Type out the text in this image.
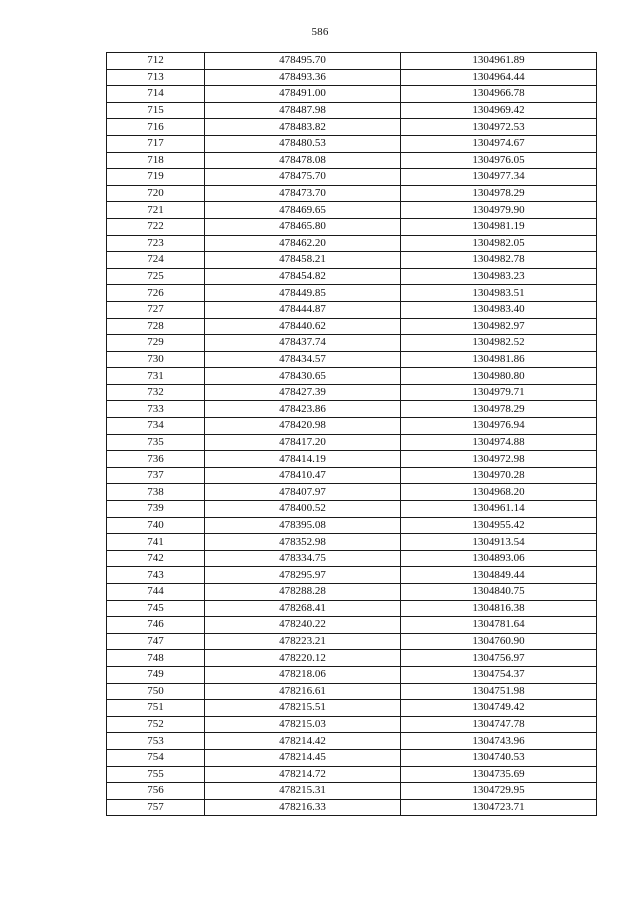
586
712	478495.70	1304961.89
713	478493.36	1304964.44
714	478491.00	1304966.78
715	478487.98	1304969.42
716	478483.82	1304972.53
717	478480.53	1304974.67
718	478478.08	1304976.05
719	478475.70	1304977.34
720	478473.70	1304978.29
721	478469.65	1304979.90
722	478465.80	1304981.19
723	478462.20	1304982.05
724	478458.21	1304982.78
725	478454.82	1304983.23
726	478449.85	1304983.51
727	478444.87	1304983.40
728	478440.62	1304982.97
729	478437.74	1304982.52
730	478434.57	1304981.86
731	478430.65	1304980.80
732	478427.39	1304979.71
733	478423.86	1304978.29
734	478420.98	1304976.94
735	478417.20	1304974.88
736	478414.19	1304972.98
737	478410.47	1304970.28
738	478407.97	1304968.20
739	478400.52	1304961.14
740	478395.08	1304955.42
741	478352.98	1304913.54
742	478334.75	1304893.06
743	478295.97	1304849.44
744	478288.28	1304840.75
745	478268.41	1304816.38
746	478240.22	1304781.64
747	478223.21	1304760.90
748	478220.12	1304756.97
749	478218.06	1304754.37
750	478216.61	1304751.98
751	478215.51	1304749.42
752	478215.03	1304747.78
753	478214.42	1304743.96
754	478214.45	1304740.53
755	478214.72	1304735.69
756	478215.31	1304729.95
757	478216.33	1304723.71
